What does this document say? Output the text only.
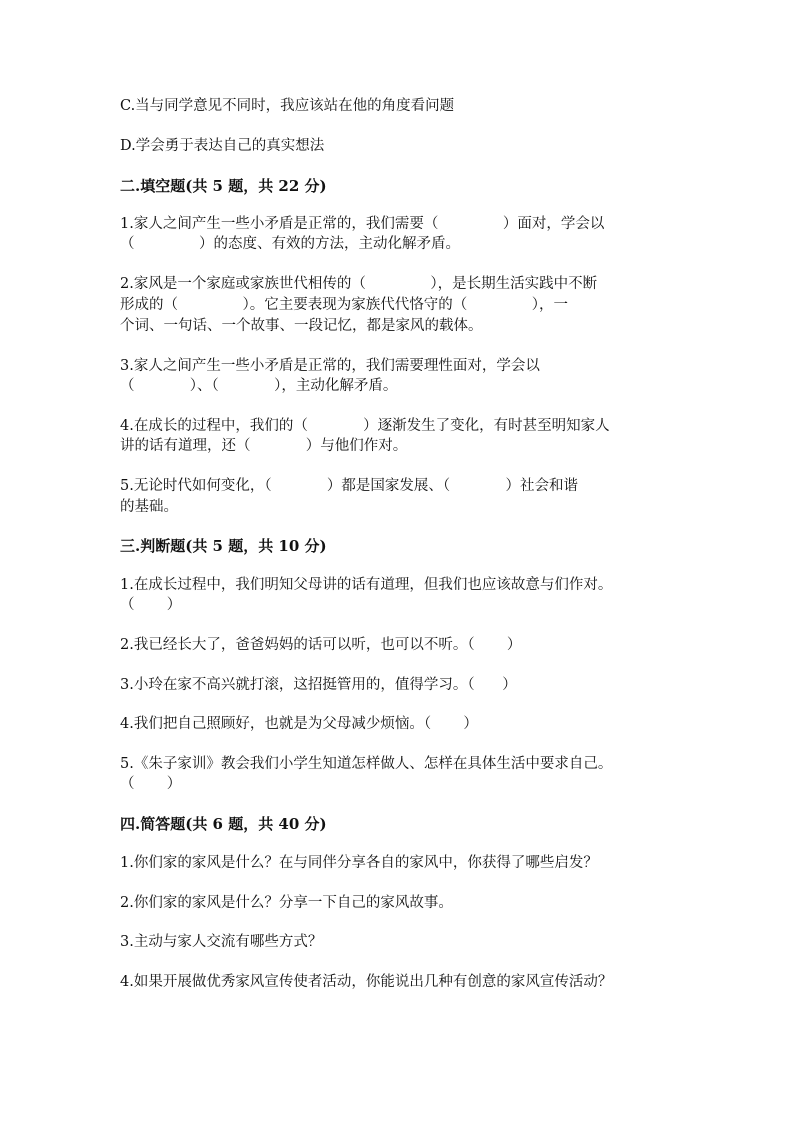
C.当与同学意见不同时，我应该站在他的角度看问题
D.学会勇于表达自己的真实想法
二.填空题(共 5 题，共 22 分)
1.家人之间产生一些小矛盾是正常的，我们需要（              ）面对，学会以
（              ）的态度、有效的方法，主动化解矛盾。
2.家风是一个家庭或家族世代相传的（              ），是长期生活实践中不断
形成的（              ）。它主要表现为家族代代恪守的（              ），一
个词、一句话、一个故事、一段记忆，都是家风的载体。
3.家人之间产生一些小矛盾是正常的，我们需要理性面对，学会以
（            ）、（            ），主动化解矛盾。
4.在成长的过程中，我们的（            ）逐渐发生了变化，有时甚至明知家人
讲的话有道理，还（            ）与他们作对。
5.无论时代如何变化，（            ）都是国家发展、（            ）社会和谐
的基础。
三.判断题(共 5 题，共 10 分)
1.在成长过程中，我们明知父母讲的话有道理，但我们也应该故意与们作对。
（       ）
2.我已经长大了，爸爸妈妈的话可以听，也可以不听。（       ）
3.小玲在家不高兴就打滚，这招挺管用的，值得学习。（      ）
4.我们把自己照顾好，也就是为父母减少烦恼。（       ）
5.《朱子家训》教会我们小学生知道怎样做人、怎样在具体生活中要求自己。
（       ）
四.简答题(共 6 题，共 40 分)
1.你们家的家风是什么？在与同伴分享各自的家风中，你获得了哪些启发？
2.你们家的家风是什么？分享一下自己的家风故事。
3.主动与家人交流有哪些方式？
4.如果开展做优秀家风宣传使者活动，你能说出几种有创意的家风宣传活动？
